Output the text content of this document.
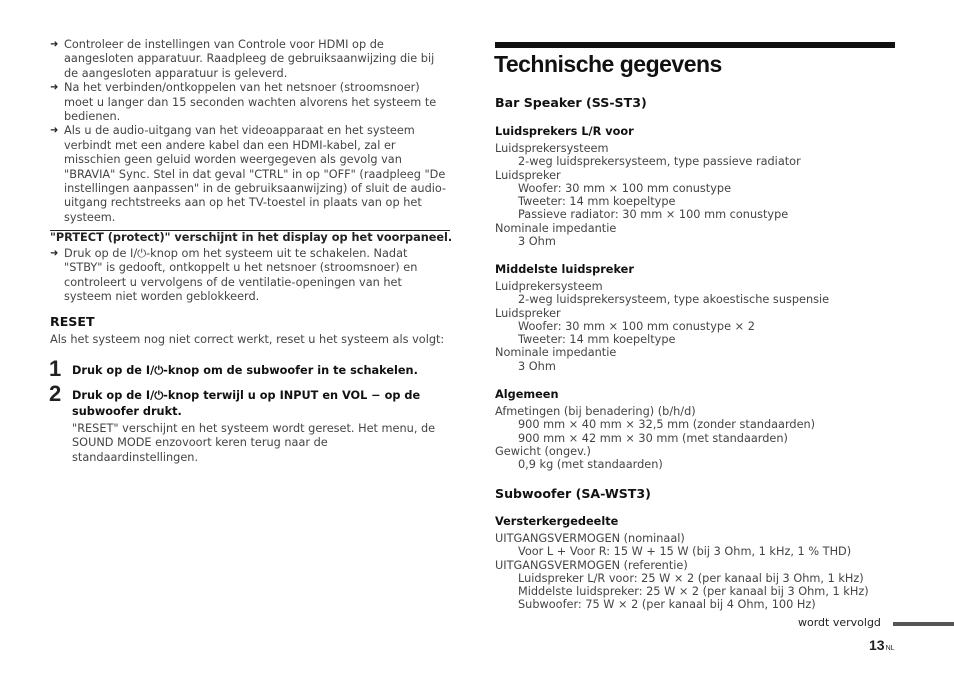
➜ Controleer de instellingen van Controle voor HDMI op de
aangesloten apparatuur. Raadpleeg de gebruiksaanwijzing die bij
de aangesloten apparatuur is geleverd.
➜ Na het verbinden/ontkoppelen van het netsnoer (stroomsnoer)
moet u langer dan 15 seconden wachten alvorens het systeem te
bedienen.
➜ Als u de audio-uitgang van het videoapparaat en het systeem
verbindt met een andere kabel dan een HDMI-kabel, zal er
misschien geen geluid worden weergegeven als gevolg van
"BRAVIA" Sync. Stel in dat geval "CTRL" in op "OFF" (raadpleeg "De
instellingen aanpassen" in de gebruiksaanwijzing) of sluit de audio-
uitgang rechtstreeks aan op het TV-toestel in plaats van op het
systeem.
"PRTECT (protect)" verschijnt in het display op het voorpaneel.
➜ Druk op de I/⏻-knop om het systeem uit te schakelen. Nadat
"STBY" is gedooft, ontkoppelt u het netsnoer (stroomsnoer) en
controleert u vervolgens of de ventilatie-openingen van het
systeem niet worden geblokkeerd.
RESET
Als het systeem nog niet correct werkt, reset u het systeem als volgt:
1 Druk op de I/⏻-knop om de subwoofer in te schakelen.
2 Druk op de I/⏻-knop terwijl u op INPUT en VOL − op de
subwoofer drukt.
"RESET" verschijnt en het systeem wordt gereset. Het menu, de
SOUND MODE enzovoort keren terug naar de
standaardinstellingen.
Technische gegevens
Bar Speaker (SS-ST3)
Luidsprekers L/R voor
Luidsprekersysteem
2-weg luidsprekersysteem, type passieve radiator
Luidspreker
Woofer: 30 mm × 100 mm conustype
Tweeter: 14 mm koepeltype
Passieve radiator: 30 mm × 100 mm conustype
Nominale impedantie
3 Ohm
Middelste luidspreker
Luidprekersysteem
2-weg luidsprekersysteem, type akoestische suspensie
Luidspreker
Woofer: 30 mm × 100 mm conustype × 2
Tweeter: 14 mm koepeltype
Nominale impedantie
3 Ohm
Algemeen
Afmetingen (bij benadering) (b/h/d)
900 mm × 40 mm × 32,5 mm (zonder standaarden)
900 mm × 42 mm × 30 mm (met standaarden)
Gewicht (ongev.)
0,9 kg (met standaarden)
Subwoofer (SA-WST3)
Versterkergedeelte
UITGANGSVERMOGEN (nominaal)
Voor L + Voor R: 15 W + 15 W (bij 3 Ohm, 1 kHz, 1 % THD)
UITGANGSVERMOGEN (referentie)
Luidspreker L/R voor: 25 W × 2 (per kanaal bij 3 Ohm, 1 kHz)
Middelste luidspreker: 25 W × 2 (per kanaal bij 3 Ohm, 1 kHz)
Subwoofer: 75 W × 2 (per kanaal bij 4 Ohm, 100 Hz)
wordt vervolgd
13NL
